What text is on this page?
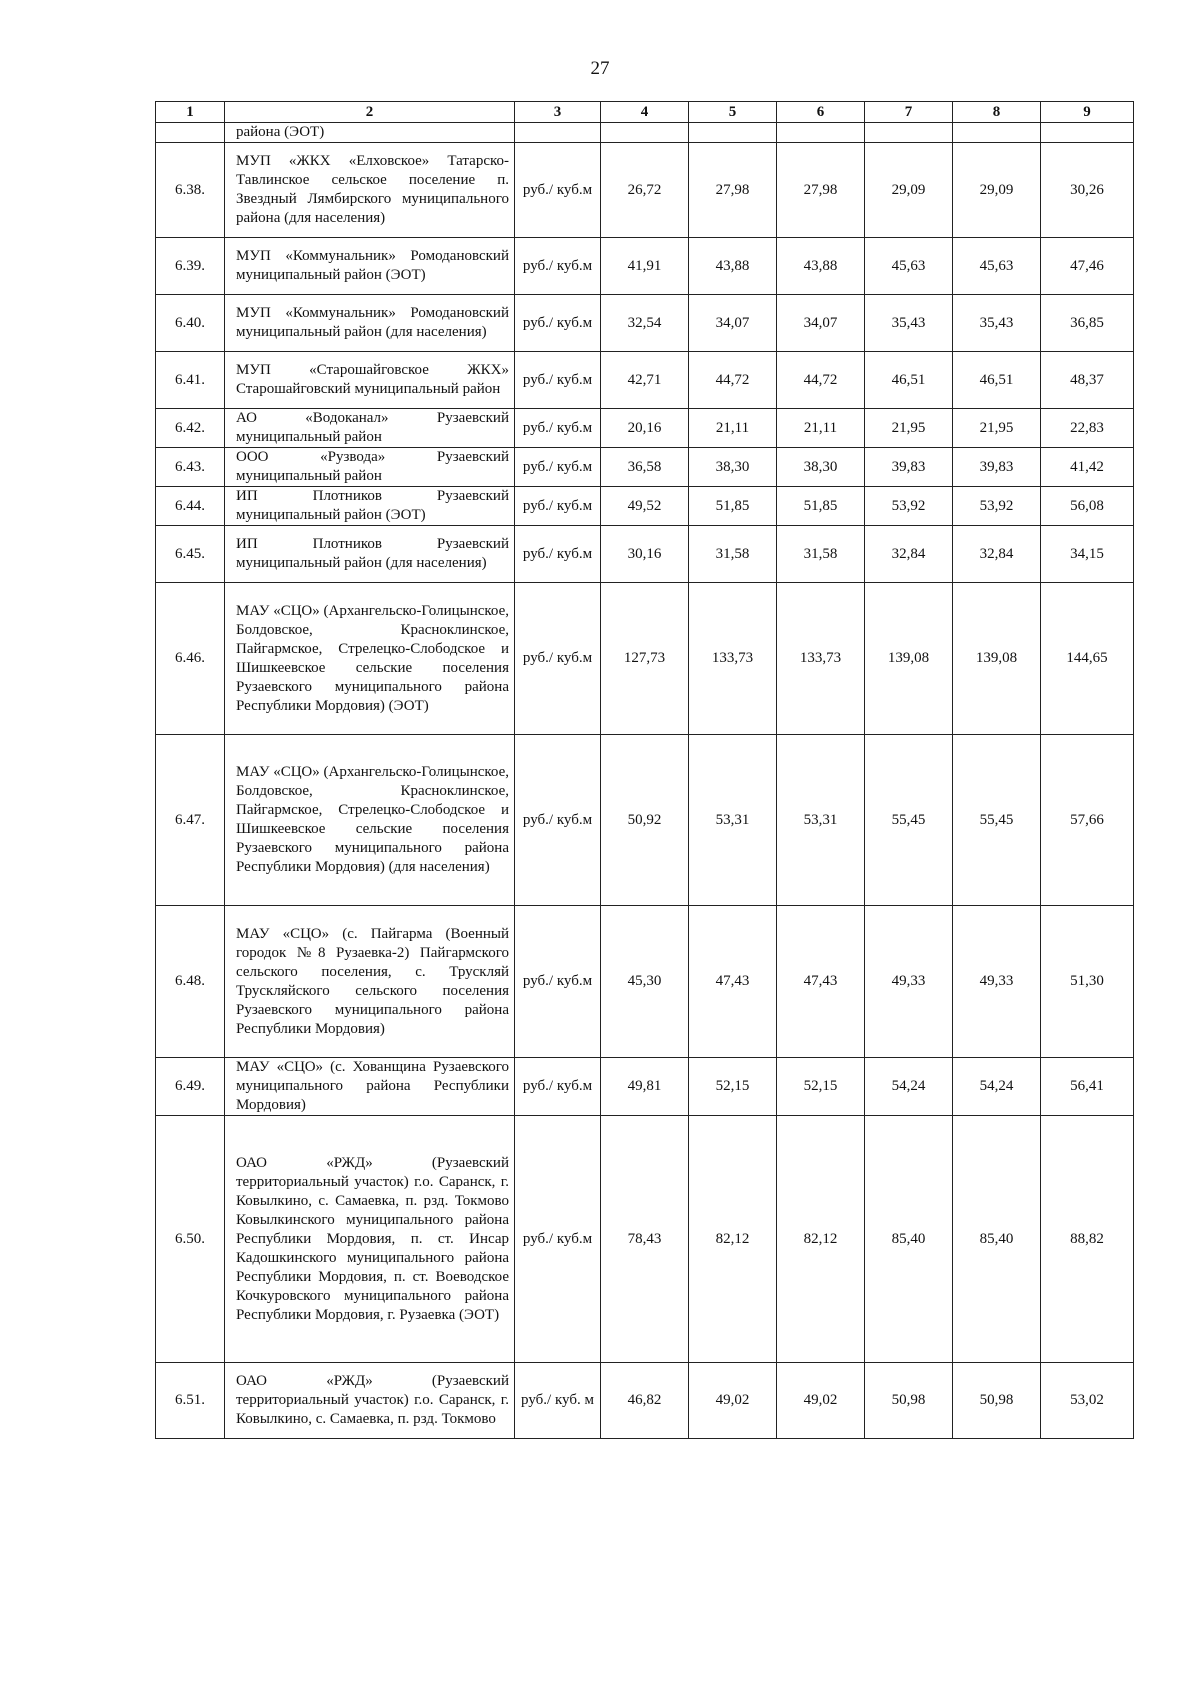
27
1	2	3	4	5	6	7	8	9
	района (ЭОТ)							
6.38.	МУП «ЖКХ «Елховское» Татарско-Тавлинское сельское поселение п. Звездный Лямбирского муниципального района (для населения)	руб./ куб.м	26,72	27,98	27,98	29,09	29,09	30,26
6.39.	МУП «Коммунальник» Ромодановский муниципальный район (ЭОТ)	руб./ куб.м	41,91	43,88	43,88	45,63	45,63	47,46
6.40.	МУП «Коммунальник» Ромодановский муниципальный район (для населения)	руб./ куб.м	32,54	34,07	34,07	35,43	35,43	36,85
6.41.	МУП «Старошайговское ЖКХ» Старошайговский муниципальный район	руб./ куб.м	42,71	44,72	44,72	46,51	46,51	48,37
6.42.	АО «Водоканал» Рузаевский муниципальный район	руб./ куб.м	20,16	21,11	21,11	21,95	21,95	22,83
6.43.	ООО «Рузвода» Рузаевский муниципальный район	руб./ куб.м	36,58	38,30	38,30	39,83	39,83	41,42
6.44.	ИП Плотников Рузаевский муниципальный район (ЭОТ)	руб./ куб.м	49,52	51,85	51,85	53,92	53,92	56,08
6.45.	ИП Плотников Рузаевский муниципальный район (для населения)	руб./ куб.м	30,16	31,58	31,58	32,84	32,84	34,15
6.46.	МАУ «СЦО» (Архангельско-Голицынское, Болдовское, Красноклинское, Пайгармское, Стрелецко-Слободское и Шишкеевское сельские поселения Рузаевского муниципального района Республики Мордовия) (ЭОТ)	руб./ куб.м	127,73	133,73	133,73	139,08	139,08	144,65
6.47.	МАУ «СЦО» (Архангельско-Голицынское, Болдовское, Красноклинское, Пайгармское, Стрелецко-Слободское и Шишкеевское сельские поселения Рузаевского муниципального района Республики Мордовия) (для населения)	руб./ куб.м	50,92	53,31	53,31	55,45	55,45	57,66
6.48.	МАУ «СЦО» (с. Пайгарма (Военный городок №8 Рузаевка-2) Пайгармского сельского поселения, с. Трускляй Трускляйского сельского поселения Рузаевского муниципального района Республики Мордовия)	руб./ куб.м	45,30	47,43	47,43	49,33	49,33	51,30
6.49.	МАУ «СЦО» (с. Хованщина Рузаевского муниципального района Республики Мордовия)	руб./ куб.м	49,81	52,15	52,15	54,24	54,24	56,41
6.50.	ОАО «РЖД» (Рузаевский территориальный участок) г.о. Саранск, г. Ковылкино, с. Самаевка, п. рзд. Токмово Ковылкинского муниципального района Республики Мордовия, п. ст. Инсар Кадошкинского муниципального района Республики Мордовия, п. ст. Воеводское Кочкуровского муниципального района Республики Мордовия, г. Рузаевка (ЭОТ)	руб./ куб.м	78,43	82,12	82,12	85,40	85,40	88,82
6.51.	ОАО «РЖД» (Рузаевский территориальный участок) г.о. Саранск, г. Ковылкино, с. Самаевка, п. рзд. Токмово	руб./ куб. м	46,82	49,02	49,02	50,98	50,98	53,02
